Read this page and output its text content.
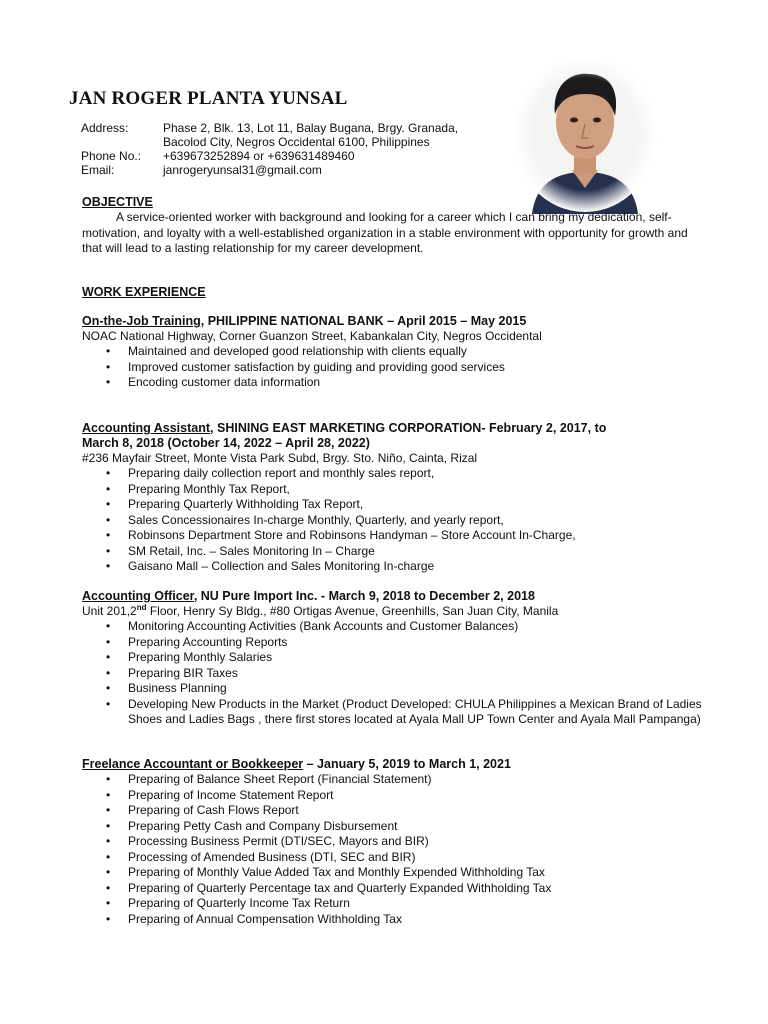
JAN ROGER PLANTA YUNSAL
Address:	Phase 2, Blk. 13, Lot 11, Balay Bugana, Brgy. Granada,
Bacolod City, Negros Occidental 6100, Philippines
Phone No.:	+639673252894 or +639631489460
Email:	janrogeryunsal31@gmail.com
OBJECTIVE

A service-oriented worker with background and looking for a career which I can bring my dedication, self-motivation, and loyalty with a well-established organization in a stable environment with opportunity for growth and that will lead to a lasting relationship for my career development.

WORK EXPERIENCE
On-the-Job Training, PHILIPPINE NATIONAL BANK – April 2015 – May 2015
NOAC National Highway, Corner Guanzon Street, Kabankalan City, Negros Occidental
• Maintained and developed good relationship with clients equally
• Improved customer satisfaction by guiding and providing good services
• Encoding customer data information
Accounting Assistant, SHINING EAST MARKETING CORPORATION- February 2, 2017, to March 8, 2018 (October 14, 2022 – April 28, 2022)
#236 Mayfair Street, Monte Vista Park Subd, Brgy. Sto. Niño, Cainta, Rizal
• Preparing daily collection report and monthly sales report,
• Preparing Monthly Tax Report,
• Preparing Quarterly Withholding Tax Report,
• Sales Concessionaires In-charge Monthly, Quarterly, and yearly report,
• Robinsons Department Store and Robinsons Handyman – Store Account In-Charge,
• SM Retail, Inc. – Sales Monitoring In – Charge
• Gaisano Mall – Collection and Sales Monitoring In-charge
Accounting Officer, NU Pure Import Inc. - March 9, 2018 to December 2, 2018
Unit 201,2nd Floor, Henry Sy Bldg., #80 Ortigas Avenue, Greenhills, San Juan City, Manila
• Monitoring Accounting Activities (Bank Accounts and Customer Balances)
• Preparing Accounting Reports
• Preparing Monthly Salaries
• Preparing BIR Taxes
• Business Planning
• Developing New Products in the Market (Product Developed: CHULA Philippines a Mexican Brand of Ladies Shoes and Ladies Bags , there first stores located at Ayala Mall UP Town Center and Ayala Mall Pampanga)
Freelance Accountant or Bookkeeper – January 5, 2019 to March 1, 2021
• Preparing of Balance Sheet Report (Financial Statement)
• Preparing of Income Statement Report
• Preparing of Cash Flows Report
• Preparing Petty Cash and Company Disbursement
• Processing Business Permit (DTI/SEC, Mayors and BIR)
• Processing of Amended Business (DTI, SEC and BIR)
• Preparing of Monthly Value Added Tax and Monthly Expended Withholding Tax
• Preparing of Quarterly Percentage tax and Quarterly Expanded Withholding Tax
• Preparing of Quarterly Income Tax Return
• Preparing of Annual Compensation Withholding Tax
